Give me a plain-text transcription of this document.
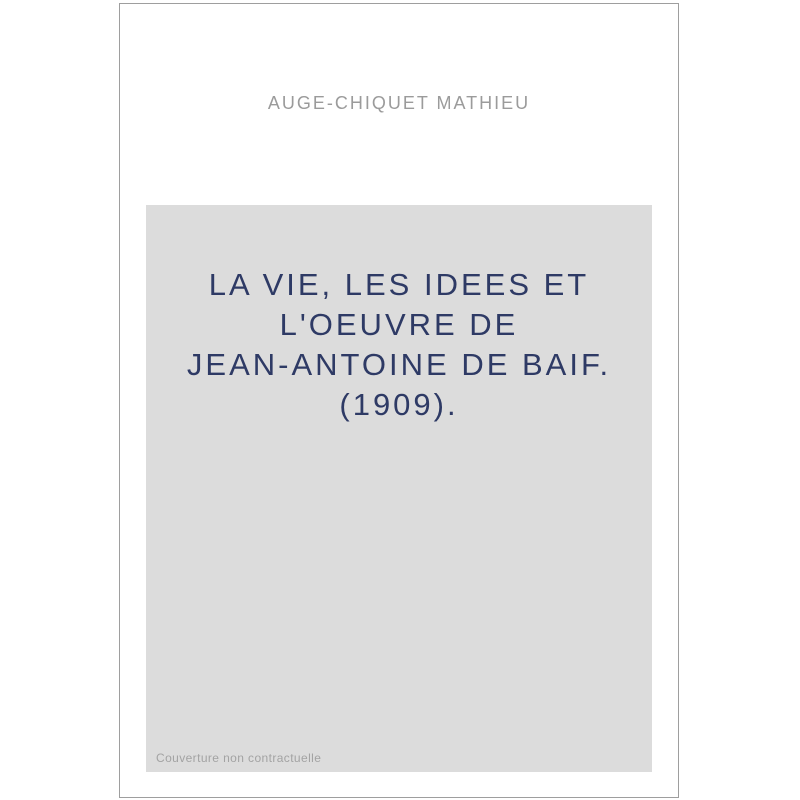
AUGE-CHIQUET MATHIEU
LA VIE, LES IDEES ET
L'OEUVRE DE
JEAN-ANTOINE DE BAIF.
(1909).
Couverture non contractuelle
